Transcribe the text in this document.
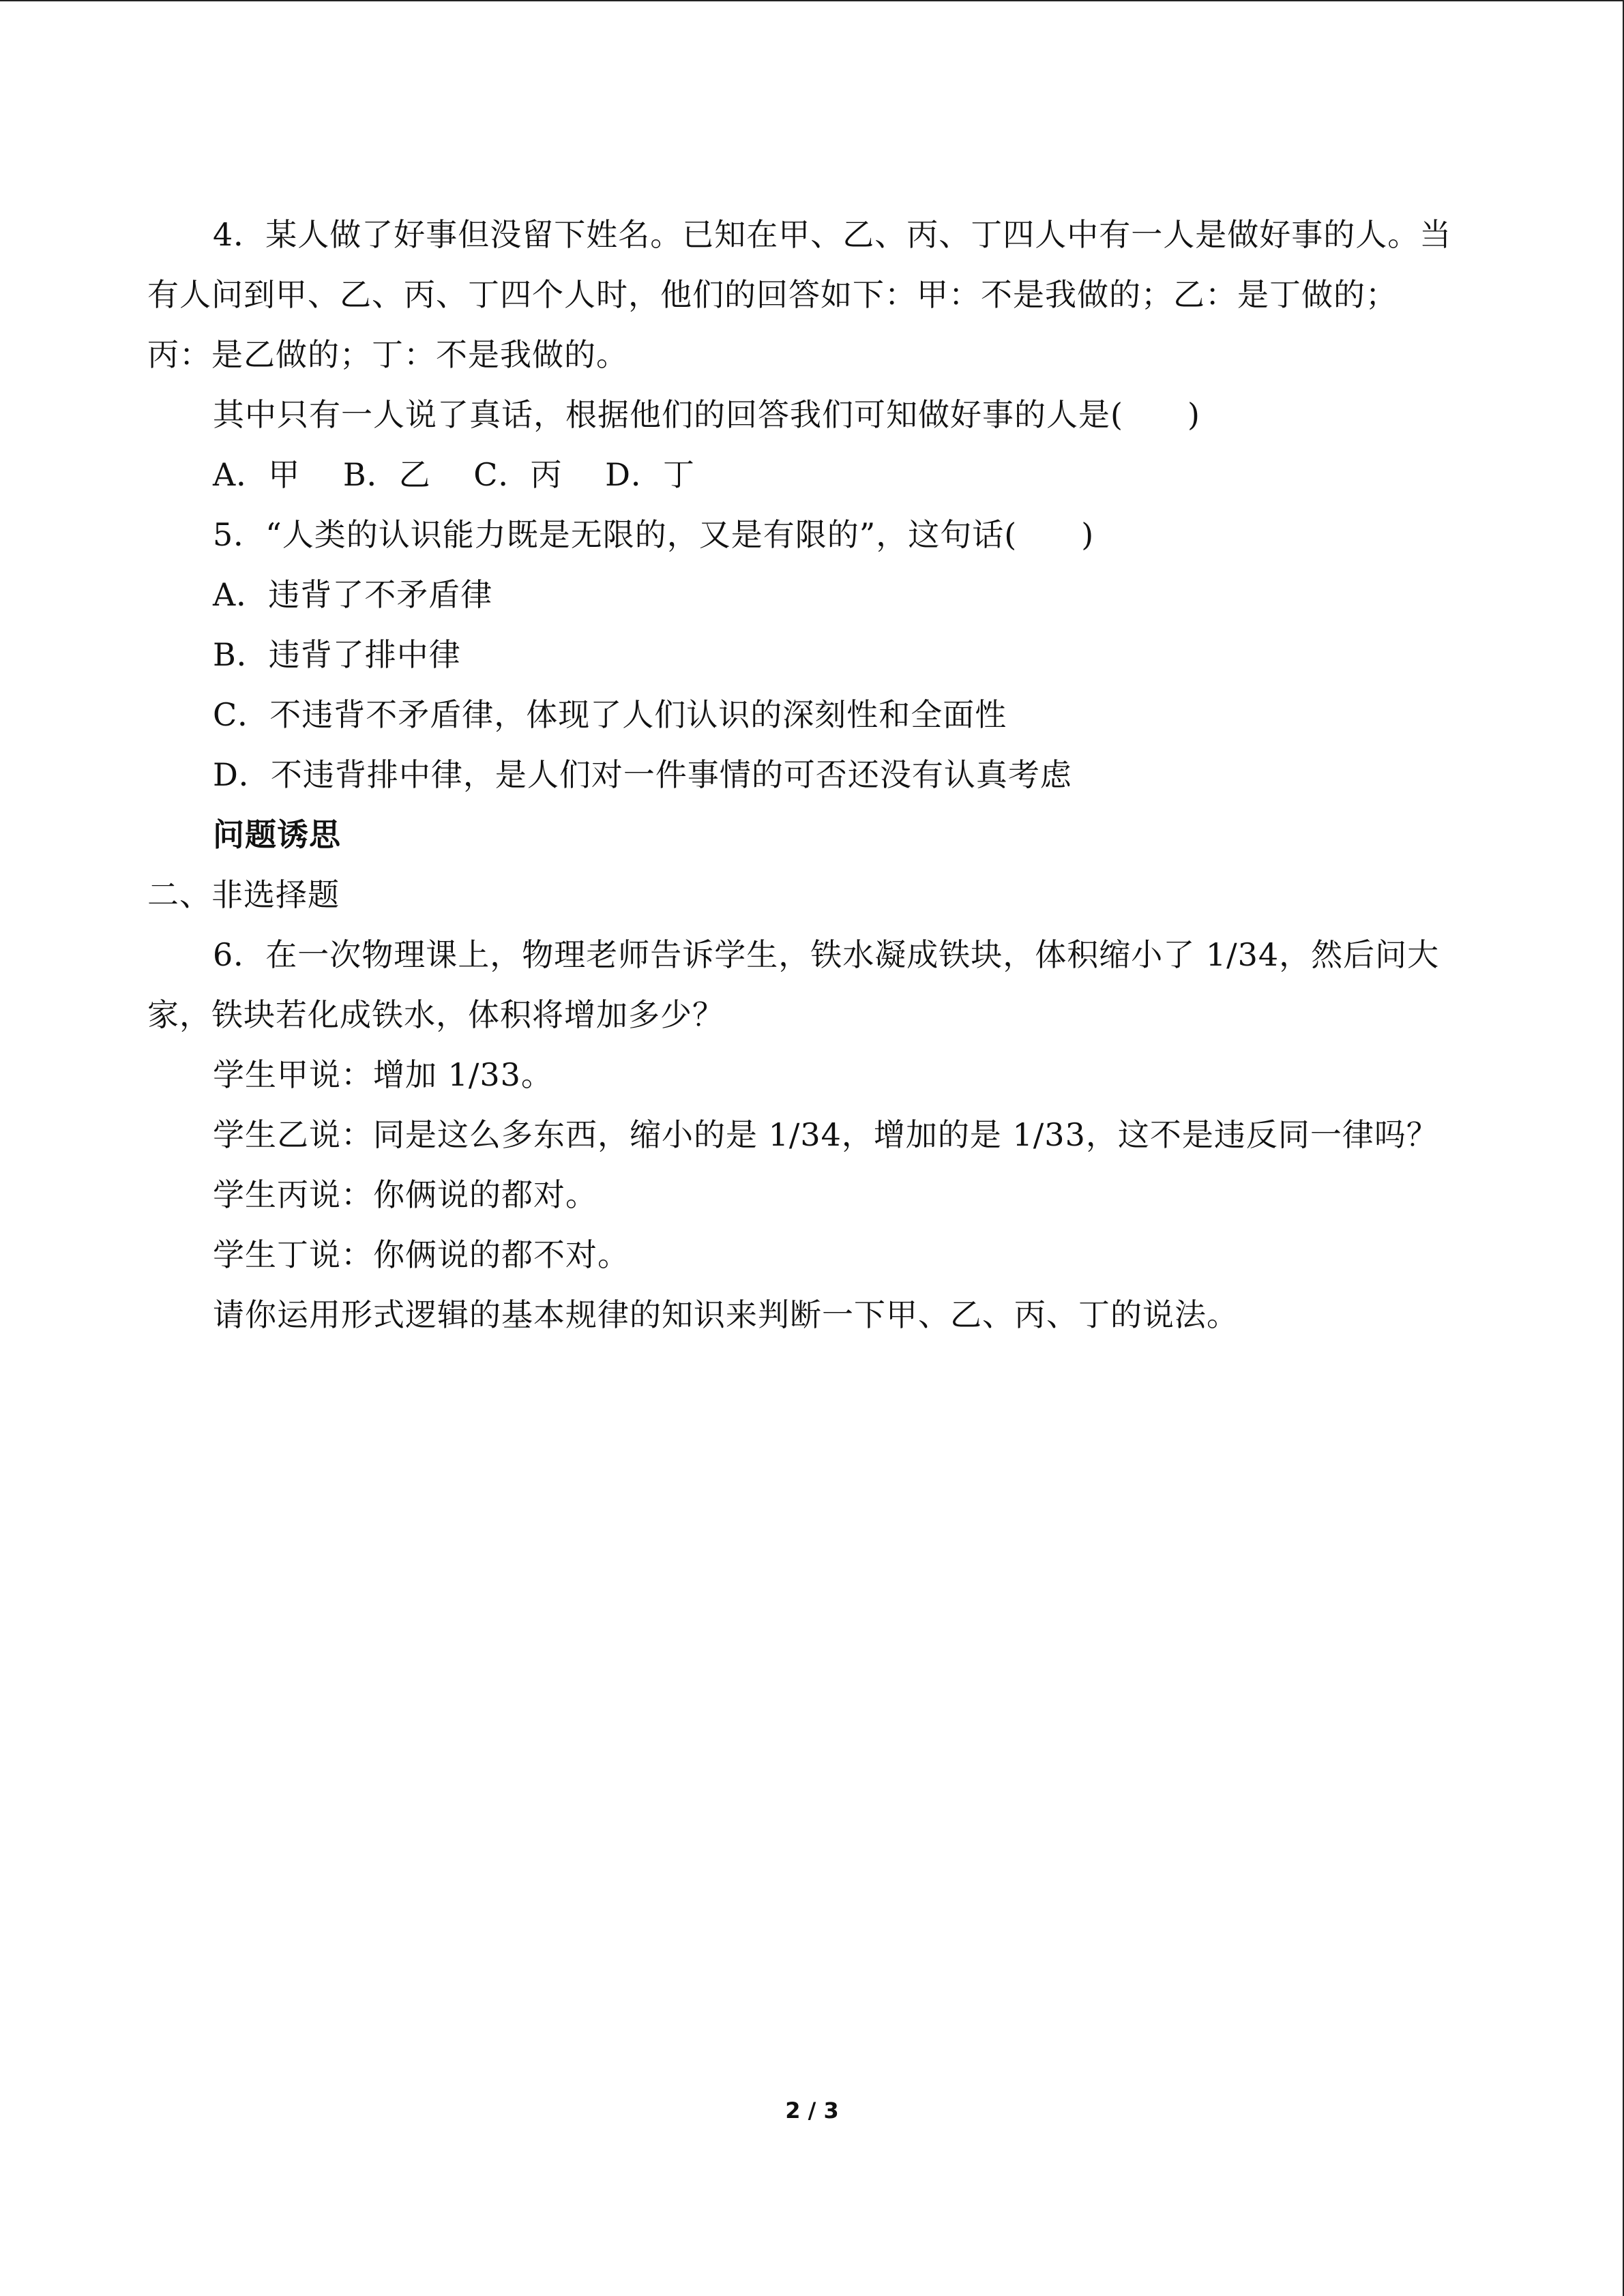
4．某人做了好事但没留下姓名。已知在甲、乙、丙、丁四人中有一人是做好事的人。当
有人问到甲、乙、丙、丁四个人时，他们的回答如下：甲：不是我做的；乙：是丁做的；
丙：是乙做的；丁：不是我做的。
其中只有一人说了真话，根据他们的回答我们可知做好事的人是(　　)
A．甲　 B．乙　 C．丙　 D．丁
5．“人类的认识能力既是无限的，又是有限的”，这句话(　　)
A．违背了不矛盾律
B．违背了排中律
C．不违背不矛盾律，体现了人们认识的深刻性和全面性
D．不违背排中律，是人们对一件事情的可否还没有认真考虑
问题诱思
二、非选择题
6．在一次物理课上，物理老师告诉学生，铁水凝成铁块，体积缩小了 1/34，然后问大
家，铁块若化成铁水，体积将增加多少？
学生甲说：增加 1/33。
学生乙说：同是这么多东西，缩小的是 1/34，增加的是 1/33，这不是违反同一律吗？
学生丙说：你俩说的都对。
学生丁说：你俩说的都不对。
请你运用形式逻辑的基本规律的知识来判断一下甲、乙、丙、丁的说法。
2 / 3
